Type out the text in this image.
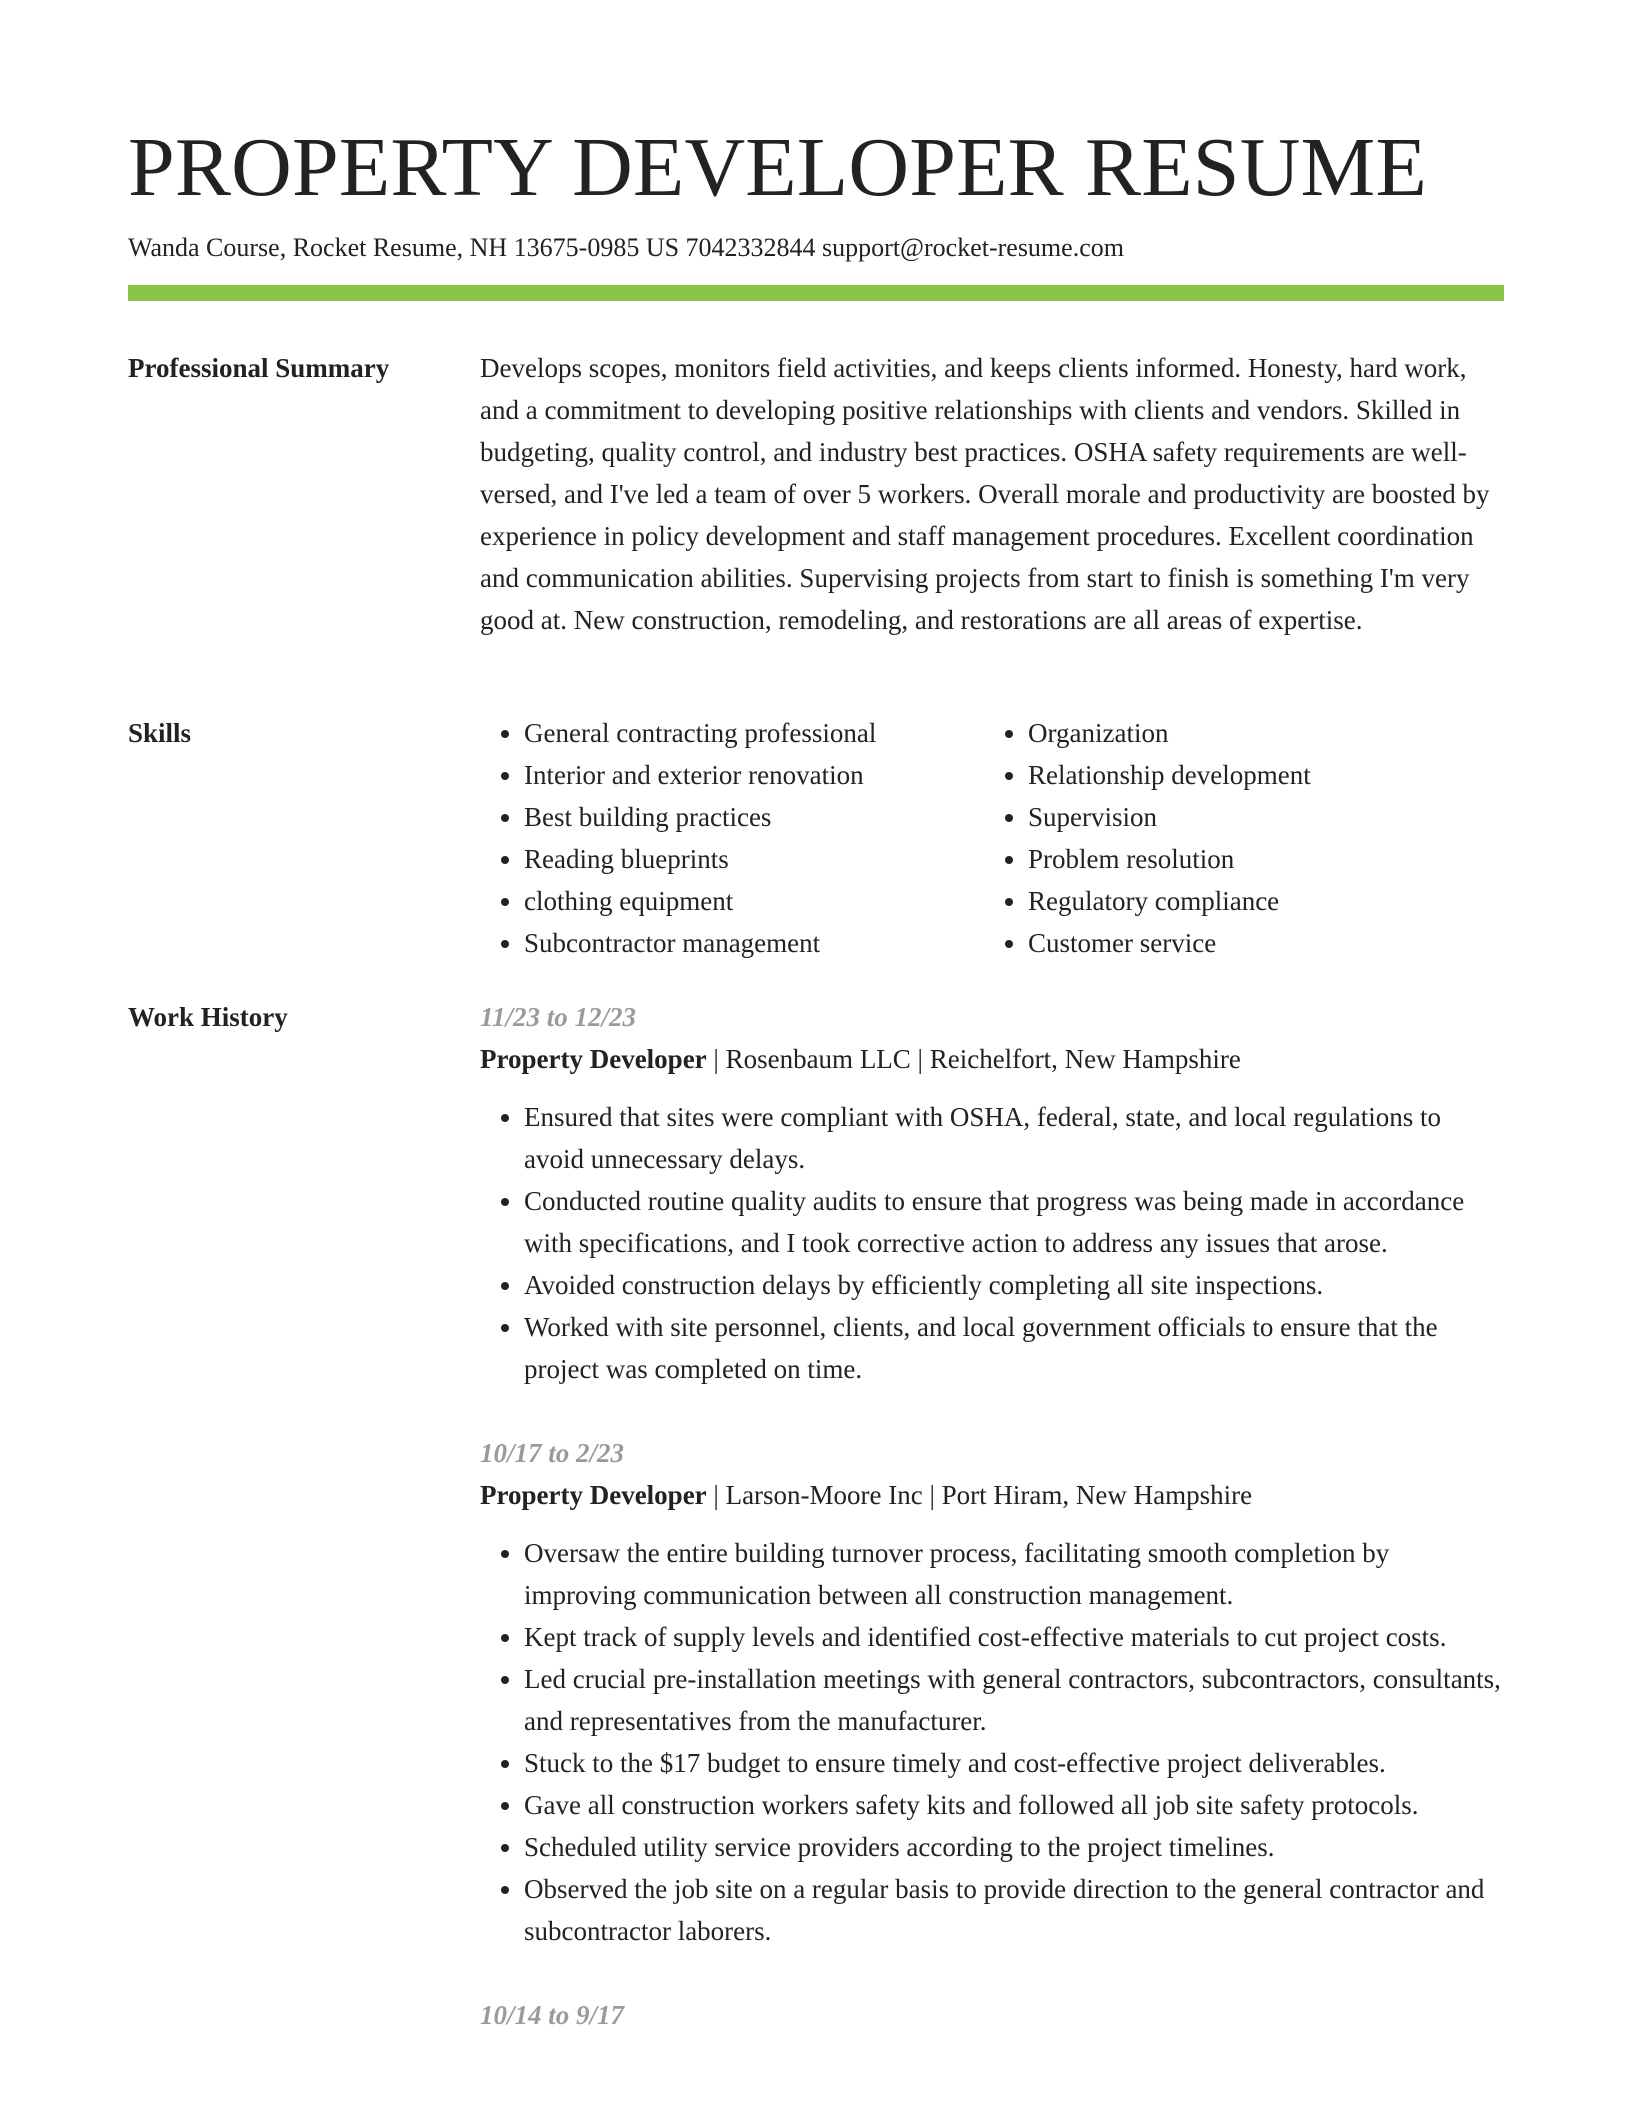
PROPERTY DEVELOPER RESUME
Wanda Course, Rocket Resume, NH 13675-0985 US 7042332844 support@rocket-resume.com
Professional Summary	Develops scopes, monitors field activities, and keeps clients informed. Honesty, hard work, and a commitment to developing positive relationships with clients and vendors. Skilled in budgeting, quality control, and industry best practices. OSHA safety requirements are well-versed, and I've led a team of over 5 workers. Overall morale and productivity are boosted by experience in policy development and staff management procedures. Excellent coordination and communication abilities. Supervising projects from start to finish is something I'm very good at. New construction, remodeling, and restorations are all areas of expertise.

Skills
•	General contracting professional
• Interior and exterior renovation
• Best building practices
• Reading blueprints
• clothing equipment
• Subcontractor management
• Organization
• Relationship development
• Supervision
• Problem resolution
• Regulatory compliance
• Customer service
Work History	11/23 to 12/23
Property Developer | Rosenbaum LLC | Reichelfort, New Hampshire
• Ensured that sites were compliant with OSHA, federal, state, and local regulations to avoid unnecessary delays.
• Conducted routine quality audits to ensure that progress was being made in accordance with specifications, and I took corrective action to address any issues that arose.
• Avoided construction delays by efficiently completing all site inspections.
• Worked with site personnel, clients, and local government officials to ensure that the project was completed on time.
10/17 to 2/23
Property Developer | Larson-Moore Inc | Port Hiram, New Hampshire
• Oversaw the entire building turnover process, facilitating smooth completion by improving communication between all construction management.
• Kept track of supply levels and identified cost-effective materials to cut project costs.
• Led crucial pre-installation meetings with general contractors, subcontractors, consultants, and representatives from the manufacturer.
• Stuck to the $17 budget to ensure timely and cost-effective project deliverables.
• Gave all construction workers safety kits and followed all job site safety protocols.
• Scheduled utility service providers according to the project timelines.
• Observed the job site on a regular basis to provide direction to the general contractor and subcontractor laborers.
10/14 to 9/17
